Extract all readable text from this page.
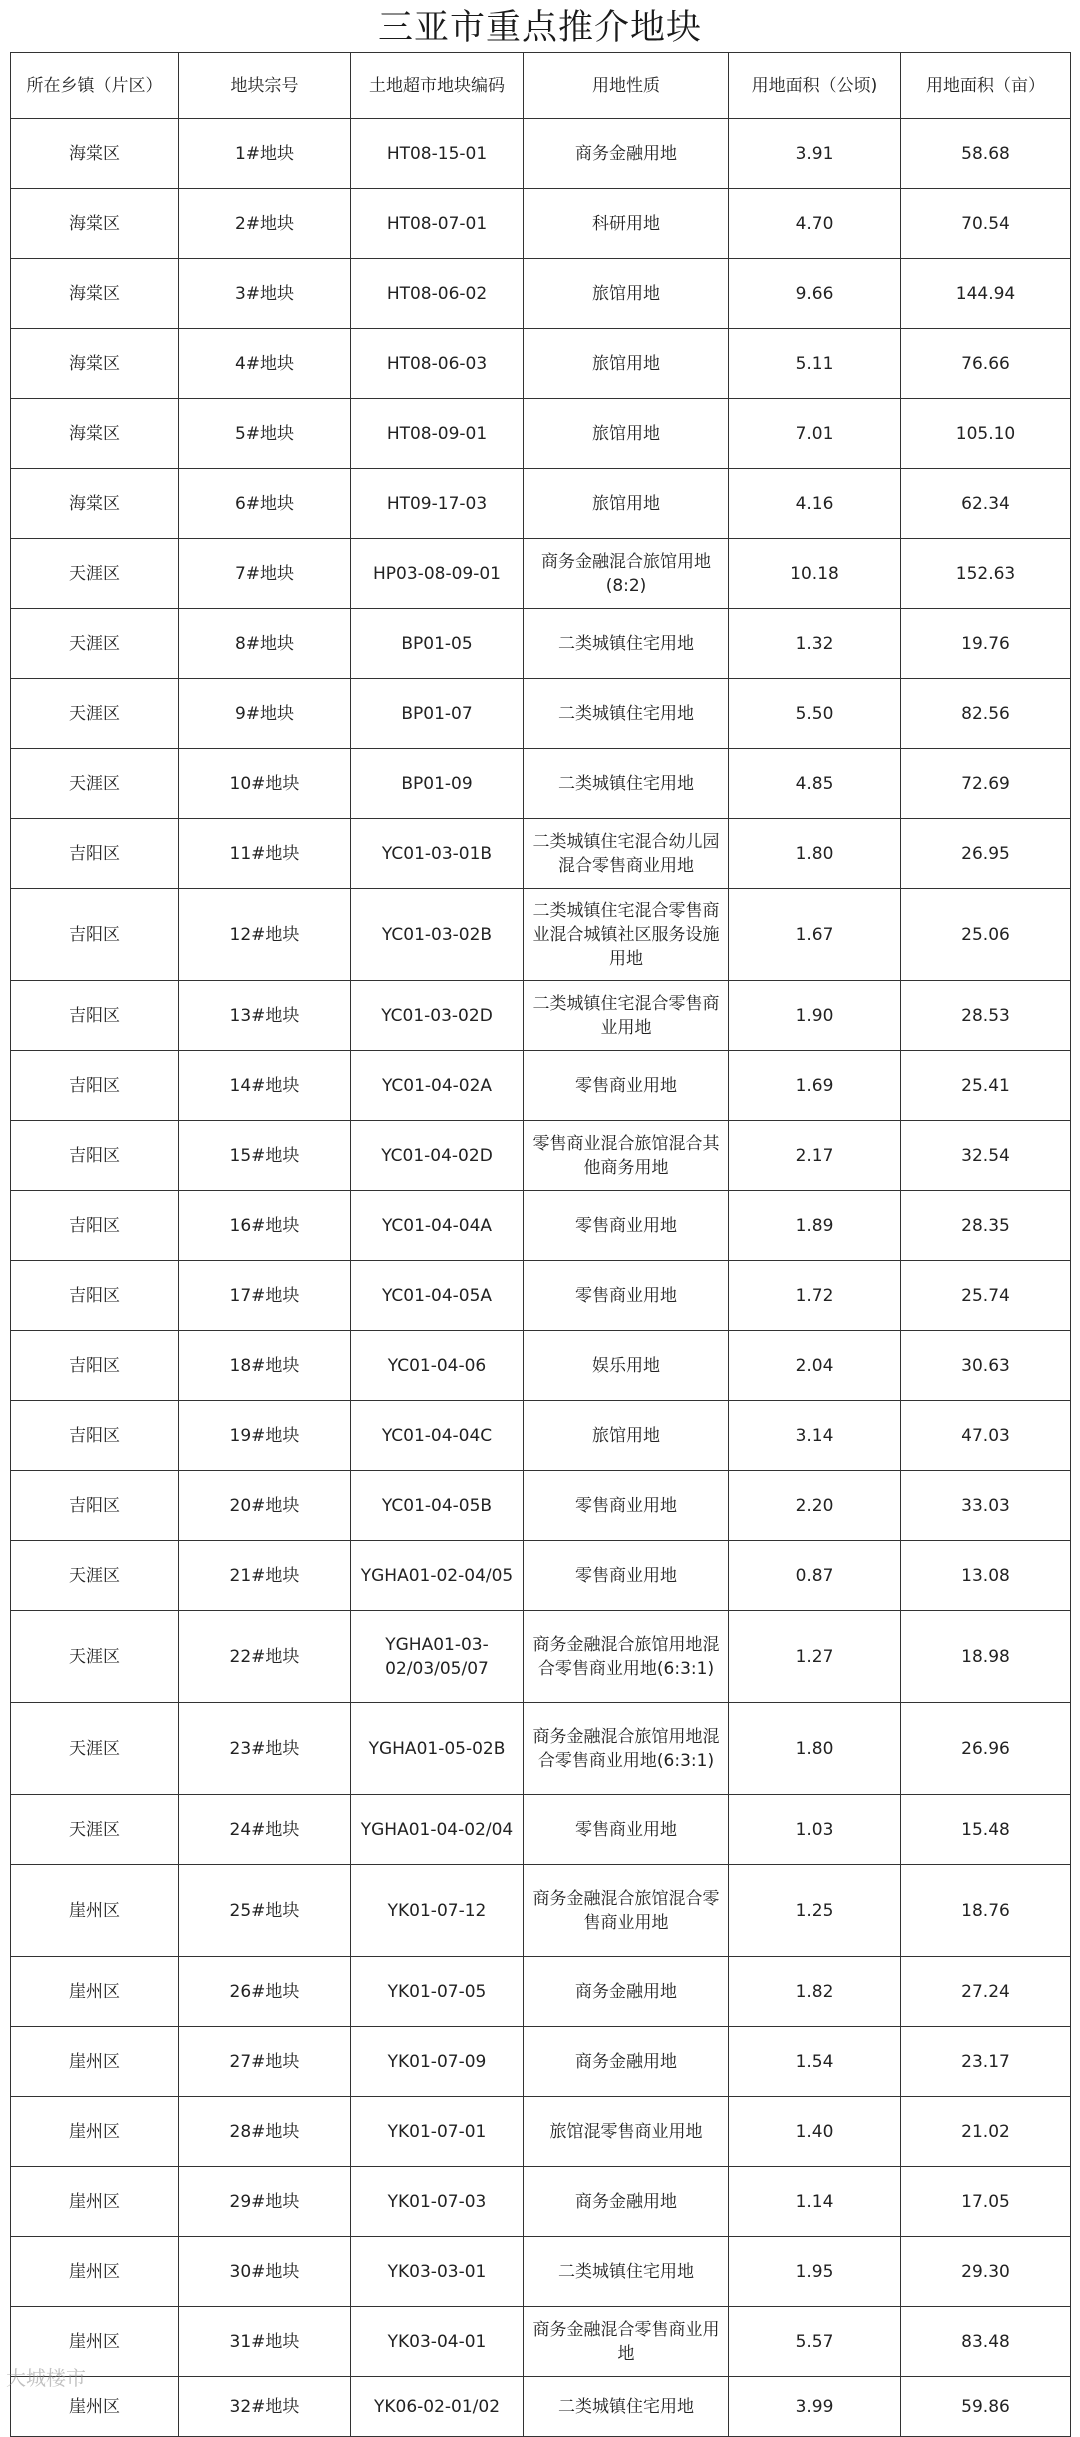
三亚市重点推介地块
所在乡镇（片区）	地块宗号	土地超市地块编码	用地性质	用地面积（公顷)	用地面积（亩）
海棠区	1#地块	HT08-15-01	商务金融用地	3.91	58.68
海棠区	2#地块	HT08-07-01	科研用地	4.70	70.54
海棠区	3#地块	HT08-06-02	旅馆用地	9.66	144.94
海棠区	4#地块	HT08-06-03	旅馆用地	5.11	76.66
海棠区	5#地块	HT08-09-01	旅馆用地	7.01	105.10
海棠区	6#地块	HT09-17-03	旅馆用地	4.16	62.34
天涯区	7#地块	HP03-08-09-01	商务金融混合旅馆用地(8:2)	10.18	152.63
天涯区	8#地块	BP01-05	二类城镇住宅用地	1.32	19.76
天涯区	9#地块	BP01-07	二类城镇住宅用地	5.50	82.56
天涯区	10#地块	BP01-09	二类城镇住宅用地	4.85	72.69
吉阳区	11#地块	YC01-03-01B	二类城镇住宅混合幼儿园混合零售商业用地	1.80	26.95
吉阳区	12#地块	YC01-03-02B	二类城镇住宅混合零售商业混合城镇社区服务设施用地	1.67	25.06
吉阳区	13#地块	YC01-03-02D	二类城镇住宅混合零售商业用地	1.90	28.53
吉阳区	14#地块	YC01-04-02A	零售商业用地	1.69	25.41
吉阳区	15#地块	YC01-04-02D	零售商业混合旅馆混合其他商务用地	2.17	32.54
吉阳区	16#地块	YC01-04-04A	零售商业用地	1.89	28.35
吉阳区	17#地块	YC01-04-05A	零售商业用地	1.72	25.74
吉阳区	18#地块	YC01-04-06	娱乐用地	2.04	30.63
吉阳区	19#地块	YC01-04-04C	旅馆用地	3.14	47.03
吉阳区	20#地块	YC01-04-05B	零售商业用地	2.20	33.03
天涯区	21#地块	YGHA01-02-04/05	零售商业用地	0.87	13.08
天涯区	22#地块	YGHA01-03-02/03/05/07	商务金融混合旅馆用地混合零售商业用地(6:3:1)	1.27	18.98
天涯区	23#地块	YGHA01-05-02B	商务金融混合旅馆用地混合零售商业用地(6:3:1)	1.80	26.96
天涯区	24#地块	YGHA01-04-02/04	零售商业用地	1.03	15.48
崖州区	25#地块	YK01-07-12	商务金融混合旅馆混合零售商业用地	1.25	18.76
崖州区	26#地块	YK01-07-05	商务金融用地	1.82	27.24
崖州区	27#地块	YK01-07-09	商务金融用地	1.54	23.17
崖州区	28#地块	YK01-07-01	旅馆混零售商业用地	1.40	21.02
崖州区	29#地块	YK01-07-03	商务金融用地	1.14	17.05
崖州区	30#地块	YK03-03-01	二类城镇住宅用地	1.95	29.30
崖州区	31#地块	YK03-04-01	商务金融混合零售商业用地	5.57	83.48
崖州区	32#地块	YK06-02-01/02	二类城镇住宅用地	3.99	59.86
大城楼市
